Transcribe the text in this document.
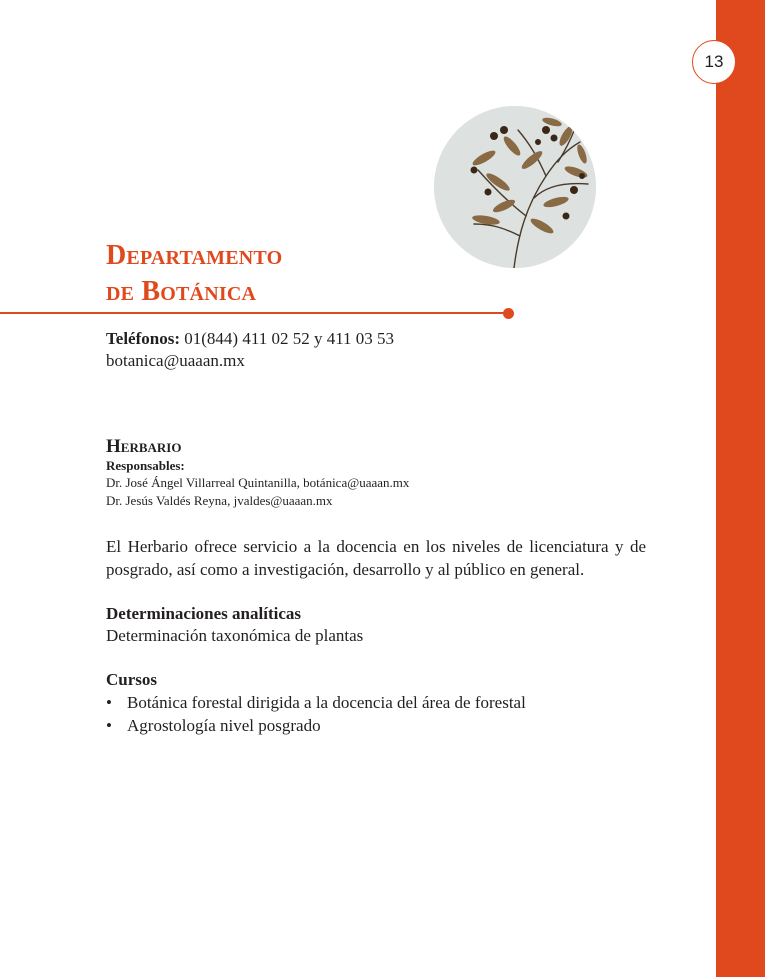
13
Departamento
de Botánica
Teléfonos: 01(844) 411 02 52 y 411 03 53
botanica@uaaan.mx
Herbario
Responsables:
Dr. José Ángel Villarreal Quintanilla, botánica@uaaan.mx
Dr. Jesús Valdés Reyna, jvaldes@uaaan.mx
El Herbario ofrece servicio a la docencia en los niveles de licenciatura y de posgrado, así como a investigación, desarrollo y al público en general.
Determinaciones analíticas
Determinación taxonómica de plantas
Cursos
• Botánica forestal dirigida a la docencia del área de forestal
• Agrostología nivel posgrado
